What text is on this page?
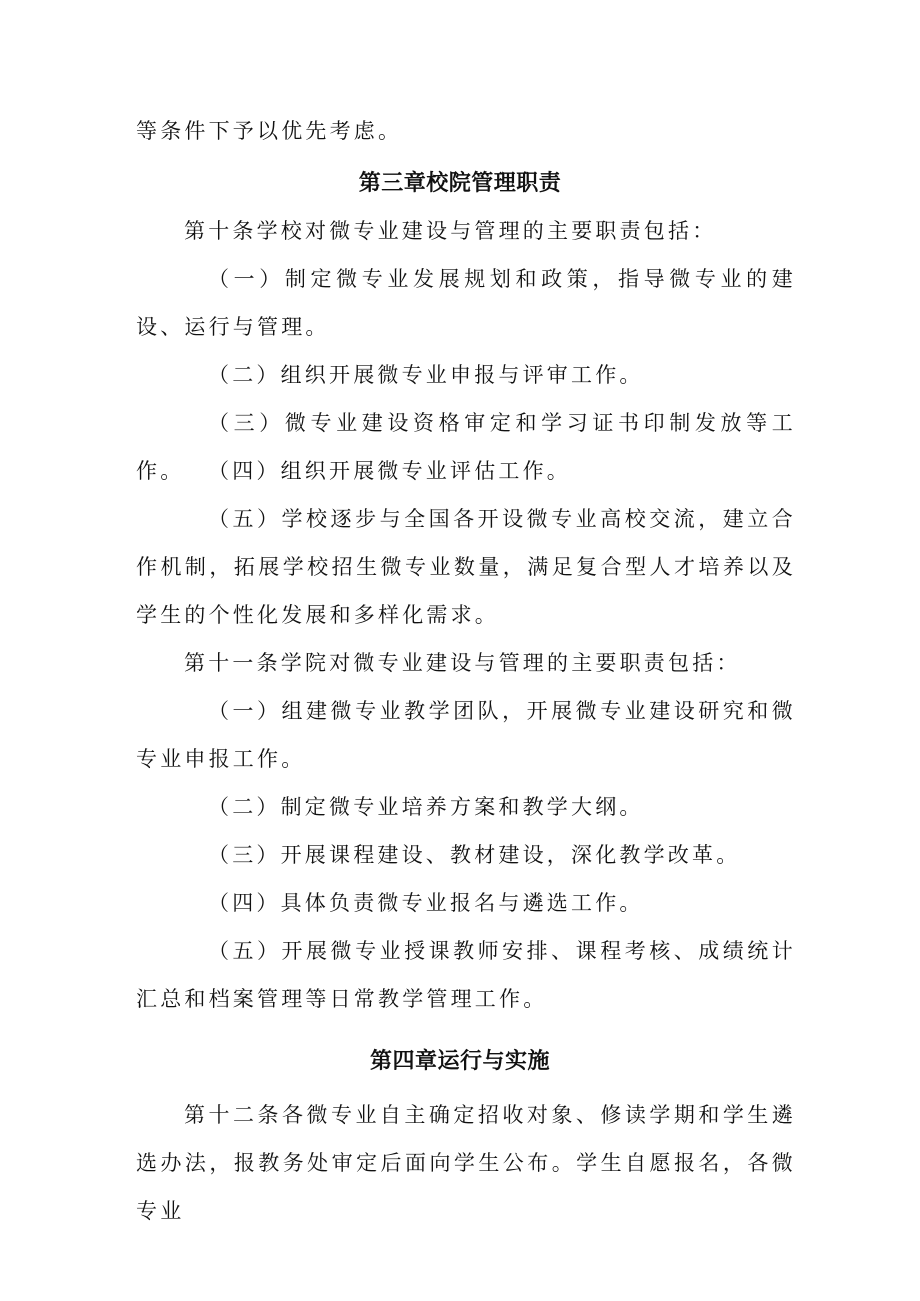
等条件下予以优先考虑。

第三章校院管理职责

第十条学校对微专业建设与管理的主要职责包括：

（一）制定微专业发展规划和政策，指导微专业的建设、运行与管理。

（二）组织开展微专业申报与评审工作。

（三）微专业建设资格审定和学习证书印制发放等工作。	（四）组织开展微专业评估工作。

（五）学校逐步与全国各开设微专业高校交流，建立合作机制，拓展学校招生微专业数量，满足复合型人才培养以及学生的个性化发展和多样化需求。

第十一条学院对微专业建设与管理的主要职责包括：

（一）组建微专业教学团队，开展微专业建设研究和微专业申报工作。

（二）制定微专业培养方案和教学大纲。

（三）开展课程建设、教材建设，深化教学改革。

（四）具体负责微专业报名与遴选工作。

（五）开展微专业授课教师安排、课程考核、成绩统计汇总和档案管理等日常教学管理工作。

第四章运行与实施

第十二条各微专业自主确定招收对象、修读学期和学生遴选办法，报教务处审定后面向学生公布。学生自愿报名，各微专业
